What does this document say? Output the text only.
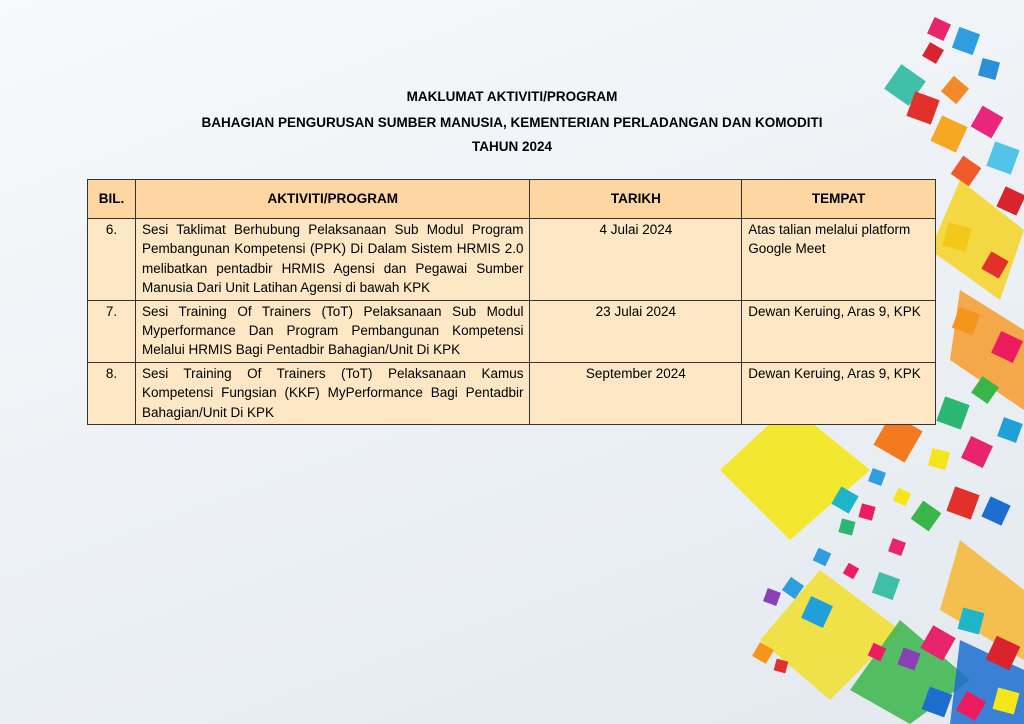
MAKLUMAT AKTIVITI/PROGRAM
BAHAGIAN PENGURUSAN SUMBER MANUSIA, KEMENTERIAN PERLADANGAN DAN KOMODITI
TAHUN 2024
BIL.	AKTIVITI/PROGRAM	TARIKH	TEMPAT
6.	Sesi Taklimat Berhubung Pelaksanaan Sub Modul Program Pembangunan Kompetensi (PPK) Di Dalam Sistem HRMIS 2.0 melibatkan pentadbir HRMIS Agensi dan Pegawai Sumber Manusia Dari Unit Latihan Agensi di bawah KPK	4 Julai 2024	Atas talian melalui platform Google Meet
7.	Sesi Training Of Trainers (ToT) Pelaksanaan Sub Modul Myperformance Dan Program Pembangunan Kompetensi Melalui HRMIS Bagi Pentadbir Bahagian/Unit Di KPK	23 Julai 2024	Dewan Keruing, Aras 9, KPK
8.	Sesi Training Of Trainers (ToT) Pelaksanaan Kamus Kompetensi Fungsian (KKF) MyPerformance Bagi Pentadbir Bahagian/Unit Di KPK	September 2024	Dewan Keruing, Aras 9, KPK
